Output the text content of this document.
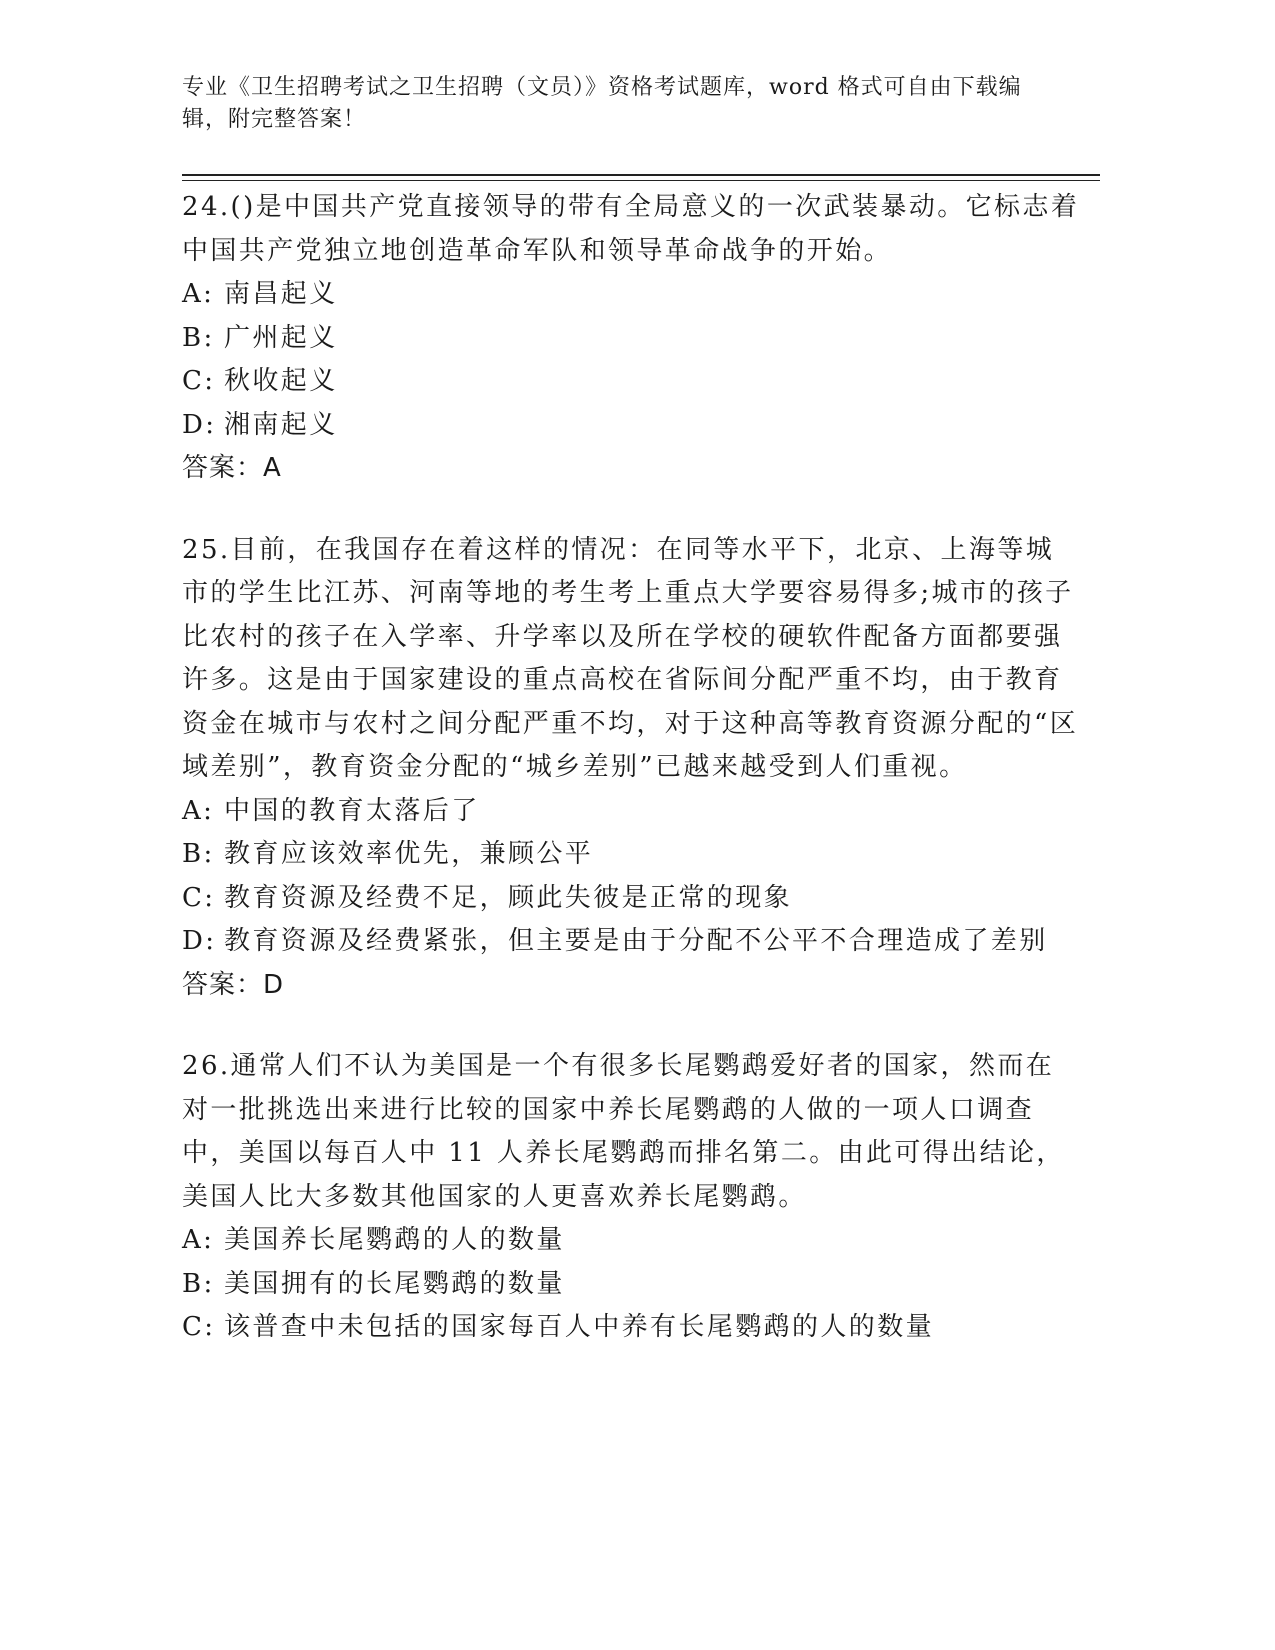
专业《卫生招聘考试之卫生招聘（文员）》资格考试题库，word 格式可自由下载编辑，附完整答案！
24.()是中国共产党直接领导的带有全局意义的一次武装暴动。它标志着中国共产党独立地创造革命军队和领导革命战争的开始。
A: 南昌起义
B: 广州起义
C: 秋收起义
D: 湘南起义
答案：A
25.目前，在我国存在着这样的情况：在同等水平下，北京、上海等城市的学生比江苏、河南等地的考生考上重点大学要容易得多;城市的孩子比农村的孩子在入学率、升学率以及所在学校的硬软件配备方面都要强许多。这是由于国家建设的重点高校在省际间分配严重不均，由于教育资金在城市与农村之间分配严重不均，对于这种高等教育资源分配的“区域差别”，教育资金分配的“城乡差别”已越来越受到人们重视。
A: 中国的教育太落后了
B: 教育应该效率优先，兼顾公平
C: 教育资源及经费不足，顾此失彼是正常的现象
D: 教育资源及经费紧张，但主要是由于分配不公平不合理造成了差别
答案：D
26.通常人们不认为美国是一个有很多长尾鹦鹉爱好者的国家，然而在对一批挑选出来进行比较的国家中养长尾鹦鹉的人做的一项人口调查中，美国以每百人中 11 人养长尾鹦鹉而排名第二。由此可得出结论，美国人比大多数其他国家的人更喜欢养长尾鹦鹉。
A: 美国养长尾鹦鹉的人的数量
B: 美国拥有的长尾鹦鹉的数量
C: 该普查中未包括的国家每百人中养有长尾鹦鹉的人的数量
